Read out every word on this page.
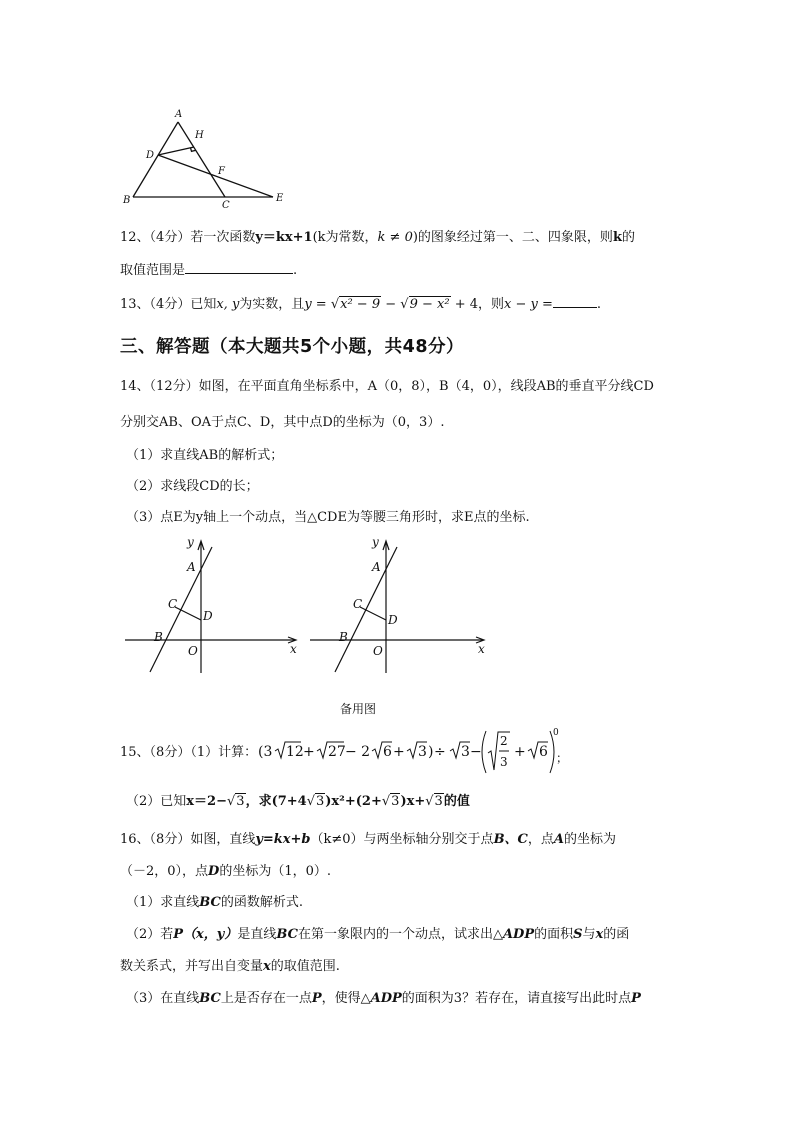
A
H
D
F
B	C
E
12、（4分）若一次函数y＝kx+1(k为常数，k ≠ 0)的图象经过第一、二、四象限，则k的
取值范围是	.
13、（4分）已知x, y为实数，且y = √x² − 9 − √9 − x² + 4，则x − y =	.
三、解答题（本大题共5个小题，共48分）
14、（12分）如图，在平面直角坐标系中，A（0，8），B（4，0），线段AB的垂直平分线CD
分别交AB、OA于点C、D，其中点D的坐标为（0，3）.
（1）求直线AB的解析式；
（2）求线段CD的长；
（3）点E为y轴上一个动点，当△CDE为等腰三角形时，求E点的坐标.
y
x
A
C
D
B
O
y
x
A
C
D
B
O
备用图
15、（8分）（1）计算： (3 12 + 27 − 2 6 + 3 ) ÷ 3 −
2
3
+ 6
0
；
（2）已知x＝2−√3，求(7+4√3)x²+(2+√3)x+√3的值
16、（8分）如图，直线y=kx+b（k≠0）与两坐标轴分别交于点B、C，点A的坐标为
（－2，0），点D的坐标为（1，0）.
（1）求直线BC的函数解析式.
（2）若P（x，y）是直线BC在第一象限内的一个动点，试求出△ADP的面积S与x的函
数关系式，并写出自变量x的取值范围.
（3）在直线BC上是否存在一点P，使得△ADP的面积为3？若存在，请直接写出此时点P
